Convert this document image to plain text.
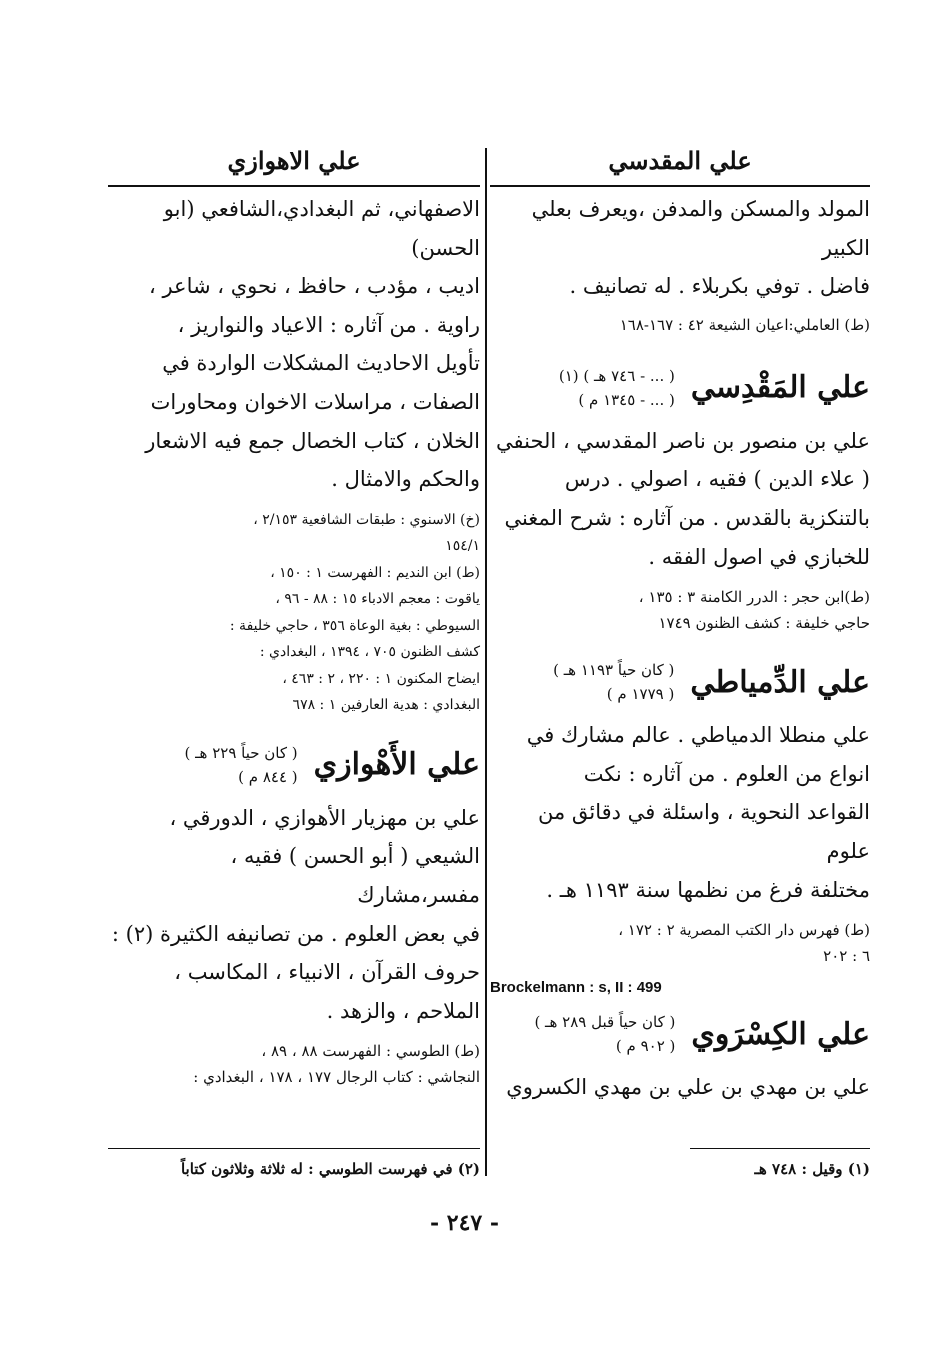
علي المقدسي

المولد والمسكن والمدفن ،ويعرف بعلي الكبير

فاضل . توفي بكربلاء . له تصانيف .

(ط) العاملي:اعيان الشيعة ٤٢ : ١٦٧-١٦٨

علي المَقْدِسي
( ... - ٧٤٦ هـ ) (١)
( ... - ١٣٤٥ م )

علي بن منصور بن ناصر المقدسي ، الحنفي

( علاء الدين ) فقيه ، اصولي . درس

بالتنكزية بالقدس . من آثاره : شرح المغني

للخبازي في اصول الفقه .

(ط)ابن حجر : الدرر الكامنة ٣ : ١٣٥ ،

حاجي خليفة : كشف الظنون ١٧٤٩

علي الدِّمياطي
( كان حياً ١١٩٣ هـ )
( ١٧٧٩ م )

علي منطلا الدمياطي . عالم مشارك في

انواع من العلوم . من آثاره : نكت

القواعد النحوية ، واسئلة في دقائق من علوم

مختلفة فرغ من نظمها سنة ١١٩٣ هـ .

(ط) فهرس دار الكتب المصرية ٢ : ١٧٢ ،

٦ : ٢٠٢

Brockelmann : s, II : 499
علي الكِسْرَوي
( كان حياً قبل ٢٨٩ هـ )
( ٩٠٢ م )

علي بن مهدي بن علي بن مهدي الكسروي

علي الاهوازي

الاصفهاني، ثم البغدادي،الشافعي (ابو الحسن)

اديب ، مؤدب ، حافظ ، نحوي ، شاعر ،

راوية . من آثاره : الاعياد والنواريز ،

تأويل الاحاديث المشكلات الواردة في

الصفات ، مراسلات الاخوان ومحاورات

الخلان ، كتاب الخصال جمع فيه الاشعار

والحكم والامثال .

(خ) الاسنوي : طبقات الشافعية ٢/١٥٣ ،

١٥٤/١

(ط) ابن النديم : الفهرست ١ : ١٥٠ ،

ياقوت : معجم الادباء ١٥ : ٨٨ - ٩٦ ،

السيوطي : بغية الوعاة ٣٥٦ ، حاجي خليفة :

كشف الظنون ٧٠٥ ، ١٣٩٤ ، البغدادي :

ايضاح المكنون ١ : ٢٢٠ ، ٢ : ٤٦٣ ،

البغدادي : هدية العارفين ١ : ٦٧٨

علي الأَهْوازي
( كان حياً ٢٢٩ هـ )
( ٨٤٤ م )

علي بن مهزيار الأهوازي ، الدورقي ،

الشيعي ( أبو الحسن ) فقيه ، مفسر،مشارك

في بعض العلوم . من تصانيفه الكثيرة (٢) :

حروف القرآن ، الانبياء ، المكاسب ،

الملاحم ، والزهد .

(ط) الطوسي : الفهرست ٨٨ ، ٨٩ ،

النجاشي : كتاب الرجال ١٧٧ ، ١٧٨ ، البغدادي :

(١) وقيل : ٧٤٨ هـ
(٢) في فهرست الطوسي : له ثلاثة وثلاثون كتاباً
- ٢٤٧ -
